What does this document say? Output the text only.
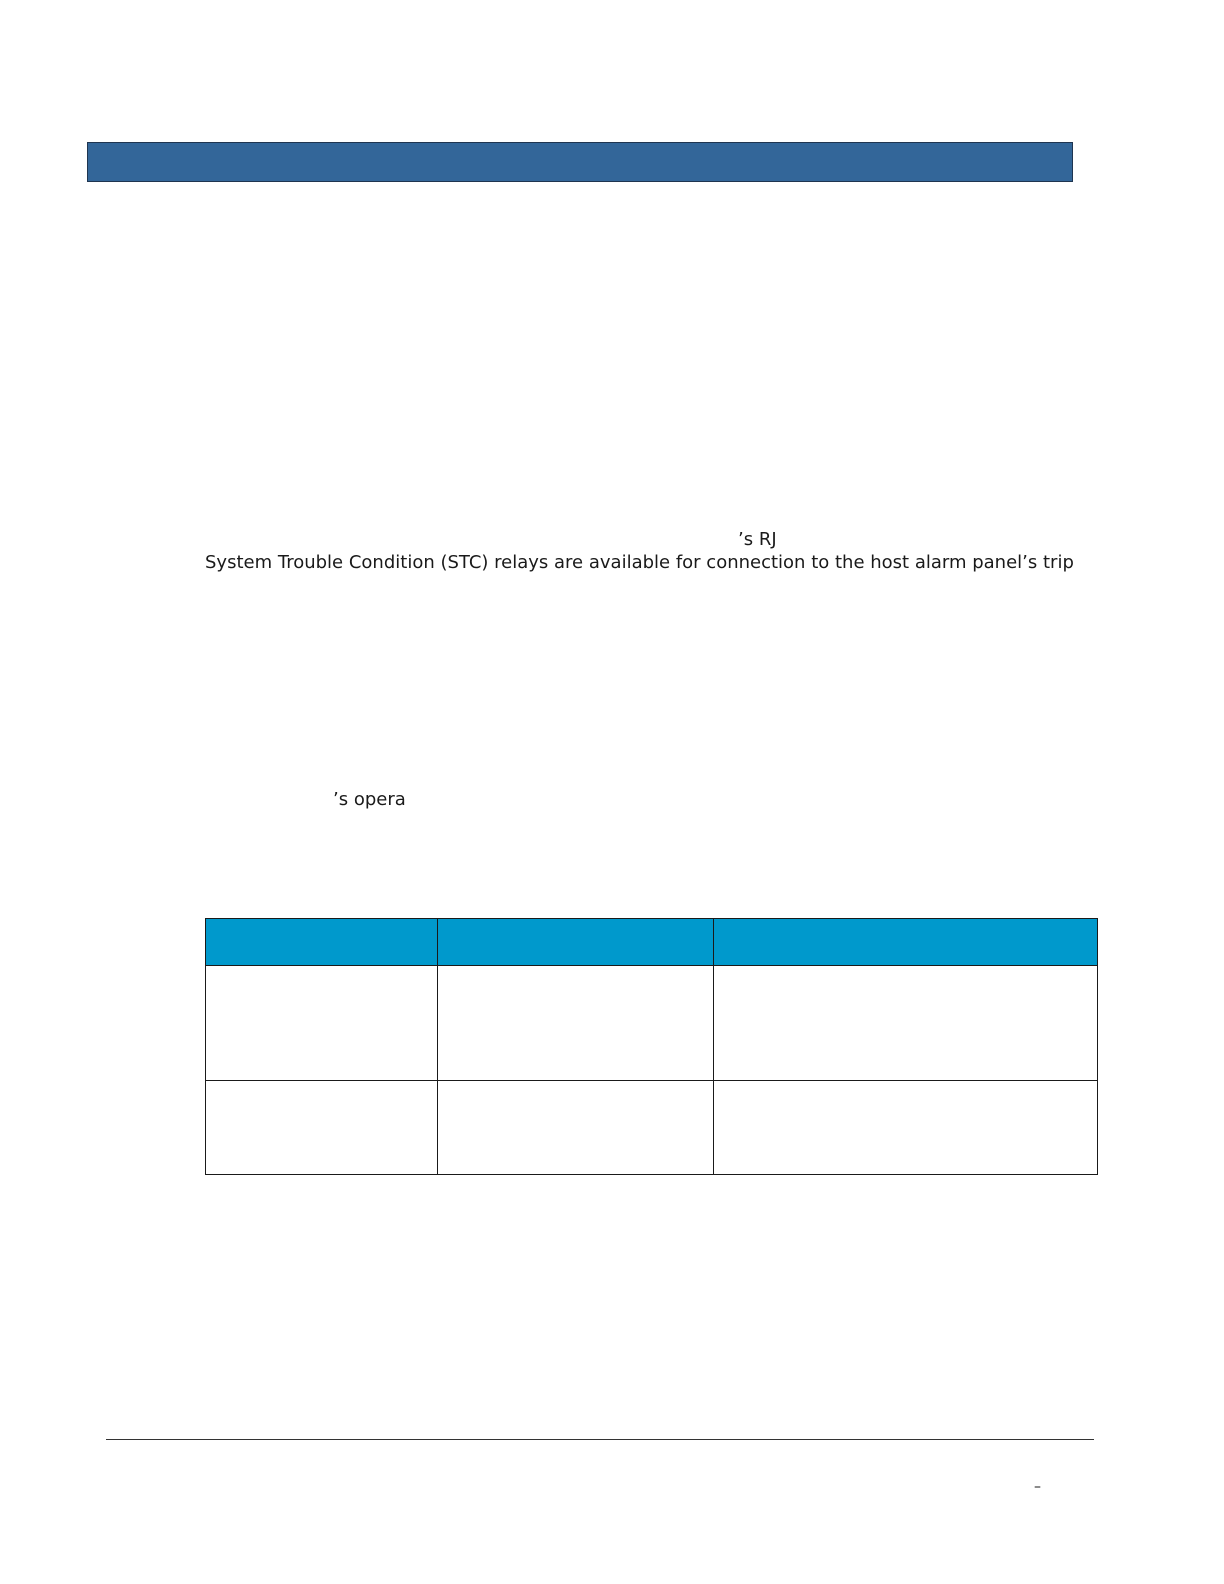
’s RJ
System Trouble Condition (STC) relays are available for connection to the host alarm panel’s trip
’s opera

–
